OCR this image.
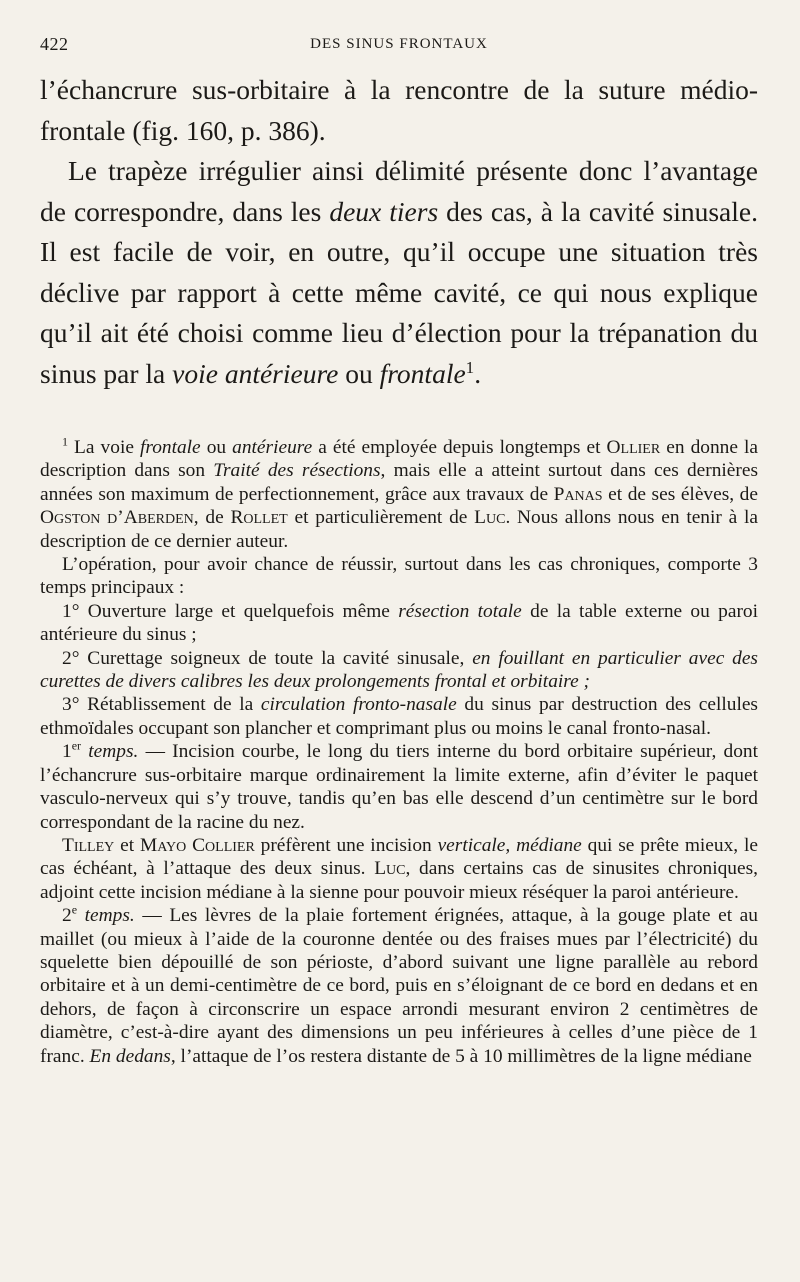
422	DES SINUS FRONTAUX

l’échancrure sus-orbitaire à la rencontre de la suture médio-frontale (fig. 160, p. 386).

Le trapèze irrégulier ainsi délimité présente donc l’avantage de correspondre, dans les deux tiers des cas, à la cavité sinusale. Il est facile de voir, en outre, qu’il occupe une situation très déclive par rapport à cette même cavité, ce qui nous explique qu’il ait été choisi comme lieu d’élection pour la trépanation du sinus par la voie antérieure ou frontale$^1$.

$^1$ La voie frontale ou antérieure a été employée depuis longtemps et Ollier en donne la description dans son Traité des résections, mais elle a atteint surtout dans ces dernières années son maximum de perfectionnement, grâce aux travaux de Panas et de ses élèves, de Ogston d’Aberden, de Rollet et particulièrement de Luc. Nous allons nous en tenir à la description de ce dernier auteur.

L’opération, pour avoir chance de réussir, surtout dans les cas chroniques, comporte 3 temps principaux :

1° Ouverture large et quelquefois même résection totale de la table externe ou paroi antérieure du sinus ;

2° Curettage soigneux de toute la cavité sinusale, en fouillant en particulier avec des curettes de divers calibres les deux prolongements frontal et orbitaire ;

3° Rétablissement de la circulation fronto-nasale du sinus par destruction des cellules ethmoïdales occupant son plancher et comprimant plus ou moins le canal fronto-nasal.

1er temps. — Incision courbe, le long du tiers interne du bord orbitaire supérieur, dont l’échancrure sus-orbitaire marque ordinairement la limite externe, afin d’éviter le paquet vasculo-nerveux qui s’y trouve, tandis qu’en bas elle descend d’un centimètre sur le bord correspondant de la racine du nez.

Tilley et Mayo Collier préfèrent une incision verticale, médiane qui se prête mieux, le cas échéant, à l’attaque des deux sinus. Luc, dans certains cas de sinusites chroniques, adjoint cette incision médiane à la sienne pour pouvoir mieux réséquer la paroi antérieure.

2e temps. — Les lèvres de la plaie fortement érignées, attaque, à la gouge plate et au maillet (ou mieux à l’aide de la couronne dentée ou des fraises mues par l’électricité) du squelette bien dépouillé de son périoste, d’abord suivant une ligne parallèle au rebord orbitaire et à un demi-centimètre de ce bord, puis en s’éloignant de ce bord en dedans et en dehors, de façon à circonscrire un espace arrondi mesurant environ 2 centimètres de diamètre, c’est-à-dire ayant des dimensions un peu inférieures à celles d’une pièce de 1 franc. En dedans, l’attaque de l’os restera distante de 5 à 10 millimètres de la ligne médiane
